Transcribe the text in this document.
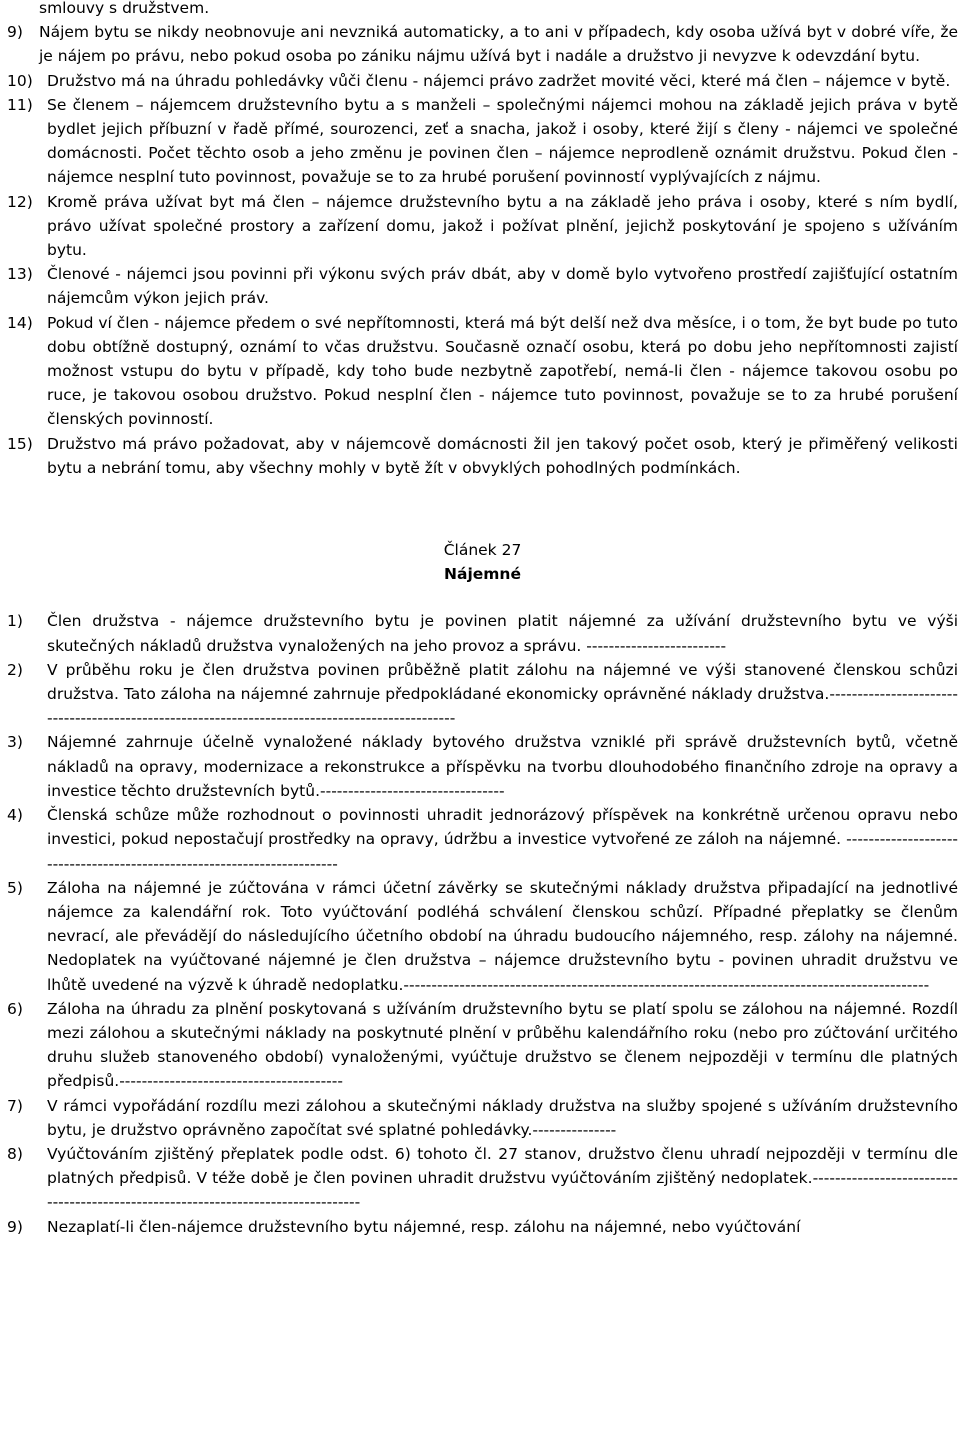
smlouvy s družstvem.

9)	Nájem bytu se nikdy neobnovuje ani nevzniká automaticky, a to ani v případech, kdy osoba užívá byt v dobré víře, že je nájem po právu, nebo pokud osoba po zániku nájmu užívá byt i nadále a družstvo ji nevyzve k odevzdání bytu.
10) Družstvo má na úhradu pohledávky vůči členu - nájemci právo zadržet movité věci, které má člen – nájemce v bytě.
11) Se členem – nájemcem družstevního bytu a s manželi – společnými nájemci mohou na základě jejich práva v bytě bydlet jejich příbuzní v řadě přímé, sourozenci, zeť a snacha, jakož i osoby, které žijí s členy - nájemci ve společné domácnosti. Počet těchto osob a jeho změnu je povinen člen – nájemce neprodleně oznámit družstvu. Pokud člen - nájemce nesplní tuto povinnost, považuje se to za hrubé porušení povinností vyplývajících z nájmu.
12) Kromě práva užívat byt má člen – nájemce družstevního bytu a na základě jeho práva i osoby, které s ním bydlí, právo užívat společné prostory a zařízení domu, jakož i požívat plnění, jejichž poskytování je spojeno s užíváním bytu.
13) Členové - nájemci jsou povinni při výkonu svých práv dbát, aby v domě bylo vytvořeno prostředí zajišťující ostatním nájemcům výkon jejich práv.
14) Pokud ví člen - nájemce předem o své nepřítomnosti, která má být delší než dva měsíce, i o tom, že byt bude po tuto dobu obtížně dostupný, oznámí to včas družstvu. Současně označí osobu, která po dobu jeho nepřítomnosti zajistí možnost vstupu do bytu v případě, kdy toho bude nezbytně zapotřebí, nemá-li člen - nájemce takovou osobu po ruce, je takovou osobou družstvo. Pokud nesplní člen - nájemce tuto povinnost, považuje se to za hrubé porušení členských povinností.
15) Družstvo má právo požadovat, aby v nájemcově domácnosti žil jen takový počet osob, který je přiměřený velikosti bytu a nebrání tomu, aby všechny mohly v bytě žít v obvyklých pohodlných podmínkách.

Článek 27

Nájemné

1)	Člen družstva - nájemce družstevního bytu je povinen platit nájemné za užívání družstevního bytu ve výši skutečných nákladů družstva vynaložených na jeho provoz a správu. -------------------------
2)	V průběhu roku je člen družstva povinen průběžně platit zálohu na nájemné ve výši stanovené členskou schůzi družstva. Tato záloha na nájemné zahrnuje předpokládané ekonomicky oprávněné náklady družstva.------------------------------------------------------------------------------------------------
3)	Nájemné zahrnuje účelně vynaložené náklady bytového družstva vzniklé při správě družstevních bytů, včetně nákladů na opravy, modernizace a rekonstrukce a příspěvku na tvorbu dlouhodobého finančního zdroje na opravy a investice těchto družstevních bytů.---------------------------------
4)	Členská schůze může rozhodnout o povinnosti uhradit jednorázový příspěvek na konkrétně určenou opravu nebo investici, pokud nepostačují prostředky na opravy, údržbu a investice vytvořené ze záloh na nájemné. ------------------------------------------------------------------------
5)	Záloha na nájemné je zúčtována v rámci účetní závěrky se skutečnými náklady družstva připadající na jednotlivé nájemce za kalendářní rok. Toto vyúčtování podléhá schválení členskou schůzí. Případné přeplatky se členům nevrací, ale převádějí do následujícího účetního období na úhradu budoucího nájemného, resp. zálohy na nájemné. Nedoplatek na vyúčtované nájemné je člen družstva – nájemce družstevního bytu - povinen uhradit družstvu ve lhůtě uvedené na výzvě k úhradě nedoplatku.----------------------------------------------------------------------------------------------
6)	Záloha na úhradu za plnění poskytovaná s užíváním družstevního bytu se platí spolu se zálohou na nájemné. Rozdíl mezi zálohou a skutečnými náklady na poskytnuté plnění v průběhu kalendářního roku (nebo pro zúčtování určitého druhu služeb stanoveného období) vynaloženými, vyúčtuje družstvo se členem nejpozději v termínu dle platných předpisů.----------------------------------------
7)	V rámci vypořádání rozdílu mezi zálohou a skutečnými náklady družstva na služby spojené s užíváním družstevního bytu, je družstvo oprávněno započítat své splatné pohledávky.---------------
8)	Vyúčtováním zjištěný přeplatek podle odst. 6) tohoto čl. 27 stanov, družstvo členu uhradí nejpozději v termínu dle platných předpisů. V téže době je člen povinen uhradit družstvu vyúčtováním zjištěný nedoplatek.----------------------------------------------------------------------------------
9)	Nezaplatí-li člen-nájemce družstevního bytu nájemné, resp. zálohu na nájemné, nebo vyúčtování
